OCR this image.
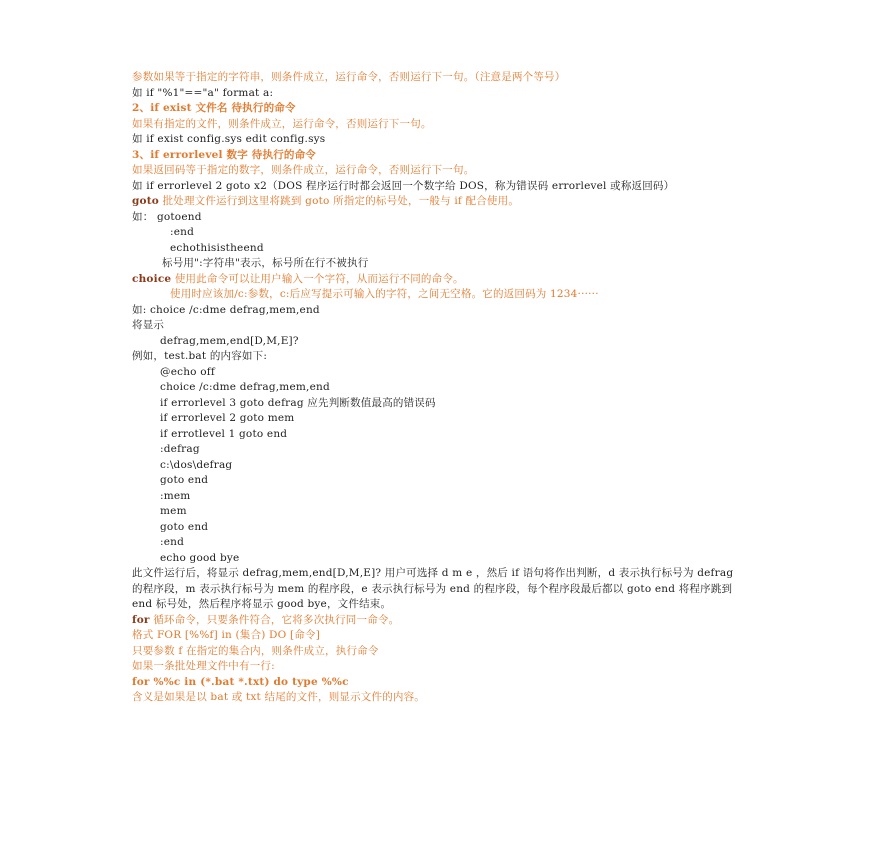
参数如果等于指定的字符串，则条件成立，运行命令，否则运行下一句。（注意是两个等号）
如 if "%1"=="a" format a:
2、if exist 文件名 待执行的命令
如果有指定的文件，则条件成立，运行命令，否则运行下一句。
如 if exist config.sys edit config.sys
3、if errorlevel 数字 待执行的命令
如果返回码等于指定的数字，则条件成立，运行命令，否则运行下一句。
如 if errorlevel 2 goto x2（DOS 程序运行时都会返回一个数字给 DOS，称为错误码 errorlevel 或称返回码）
goto 批处理文件运行到这里将跳到 goto 所指定的标号处，一般与 if 配合使用。
如： gotoend
:end
echothisistheend
标号用":字符串"表示，标号所在行不被执行
choice 使用此命令可以让用户输入一个字符，从而运行不同的命令。
使用时应该加/c:参数，c:后应写提示可输入的字符，之间无空格。它的返回码为 1234······
如: choice /c:dme defrag,mem,end
将显示
defrag,mem,end[D,M,E]?
例如，test.bat 的内容如下:
@echo off
choice /c:dme defrag,mem,end
if errorlevel 3 goto defrag 应先判断数值最高的错误码
if errorlevel 2 goto mem
if errotlevel 1 goto end
:defrag
c:\dos\defrag
goto end
:mem
mem
goto end
:end
echo good bye
此文件运行后，将显示 defrag,mem,end[D,M,E]? 用户可选择 d m e ，然后 if 语句将作出判断，d 表示执行标号为 defrag 的程序段，m 表示执行标号为 mem 的程序段，e 表示执行标号为 end 的程序段，每个程序段最后都以 goto end 将程序跳到 end 标号处，然后程序将显示 good bye，文件结束。
for 循环命令，只要条件符合，它将多次执行同一命令。
格式 FOR [%%f] in (集合) DO [命令]
只要参数 f 在指定的集合内，则条件成立，执行命令
如果一条批处理文件中有一行:
for %%c in (*.bat *.txt) do type %%c
含义是如果是以 bat 或 txt 结尾的文件，则显示文件的内容。
